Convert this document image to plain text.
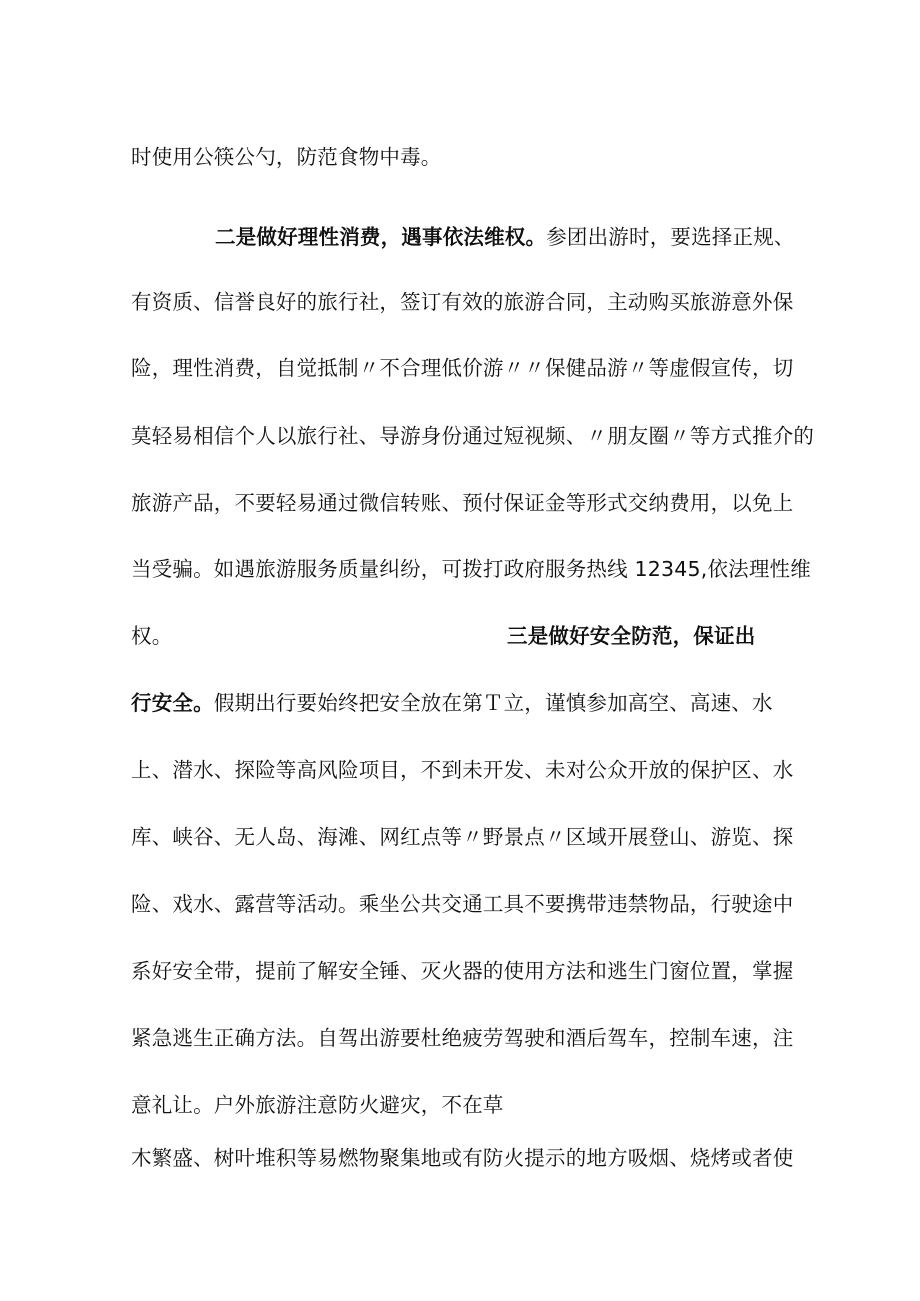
时使用公筷公勺，防范食物中毒。
二是做好理性消费，遇事依法维权。参团出游时，要选择正规、
有资质、信誉良好的旅行社，签订有效的旅游合同，主动购买旅游意外保
险，理性消费，自觉抵制〃不合理低价游〃〃保健品游〃等虚假宣传，切
莫轻易相信个人以旅行社、导游身份通过短视频、〃朋友圈〃等方式推介的
旅游产品，不要轻易通过微信转账、预付保证金等形式交纳费用，以免上
当受骗。如遇旅游服务质量纠纷，可拨打政府服务热线 12345,依法理性维
权。	三是做好安全防范，保证出
行安全。假期出行要始终把安全放在第Ｔ立，谨慎参加高空、高速、水
上、潜水、探险等高风险项目，不到未开发、未对公众开放的保护区、水
库、峡谷、无人岛、海滩、网红点等〃野景点〃区域开展登山、游览、探
险、戏水、露营等活动。乘坐公共交通工具不要携带违禁物品，行驶途中
系好安全带，提前了解安全锤、灭火器的使用方法和逃生门窗位置，掌握
紧急逃生正确方法。自驾出游要杜绝疲劳驾驶和酒后驾车，控制车速，注
意礼让。户外旅游注意防火避灾，不在草
木繁盛、树叶堆积等易燃物聚集地或有防火提示的地方吸烟、烧烤或者使
